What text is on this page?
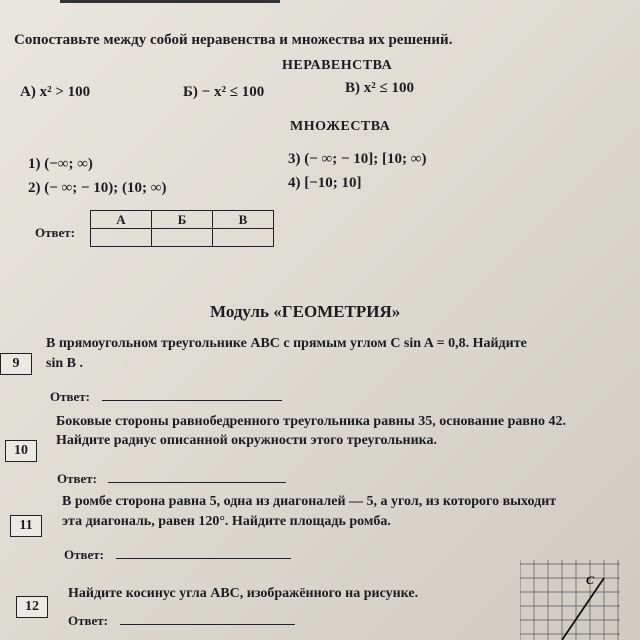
Сопоставьте между собой неравенства и множества их решений.
НЕРАВЕНСТВА
А) x² > 100	Б) − x² ≤ 100	В) x² ≤ 100
МНОЖЕСТВА
1) (−∞; ∞)
2) (− ∞; − 10); (10; ∞)
3) (− ∞; − 10]; [10; ∞)
4) [−10; 10]
Ответ:
А	Б	В

Модуль «ГЕОМЕТРИЯ»
9
В прямоугольном треугольнике ABC с прямым углом C sin A = 0,8. Найдите
sin B .
Ответ:
10
Боковые стороны равнобедренного треугольника равны 35, основание равно 42.
Найдите радиус описанной окружности этого треугольника.
Ответ:
11
В ромбе сторона равна 5, одна из диагоналей — 5, а угол, из которого выходит
эта диагональ, равен 120°. Найдите площадь ромба.
Ответ:
12
Найдите косинус угла ABC, изображённого на рисунке.
Ответ:
C
